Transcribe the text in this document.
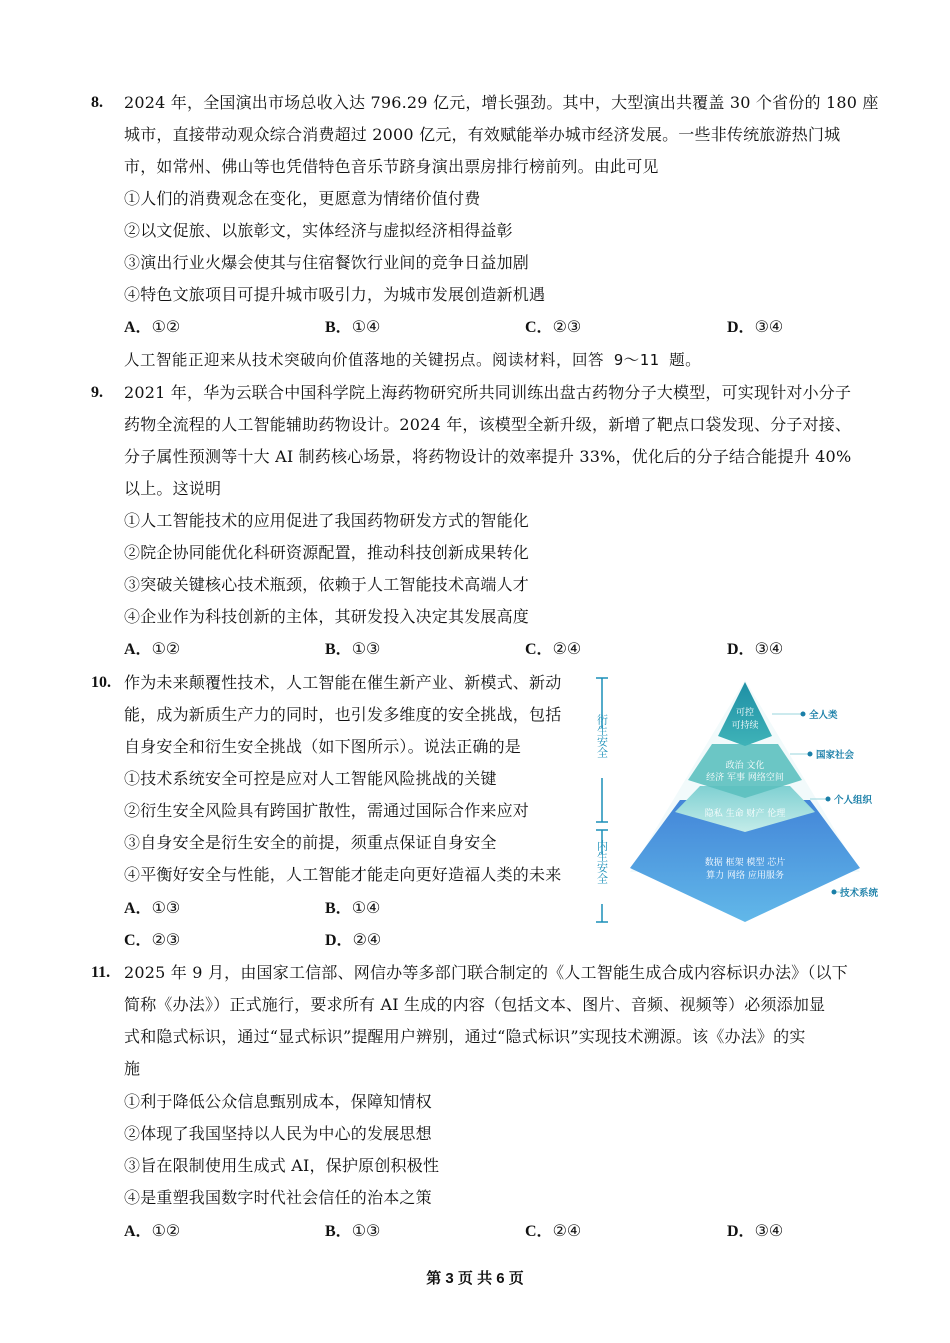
8. 2024 年，全国演出市场总收入达 796.29 亿元，增长强劲。其中，大型演出共覆盖 30 个省份的 180 座
城市，直接带动观众综合消费超过 2000 亿元，有效赋能举办城市经济发展。一些非传统旅游热门城
市，如常州、佛山等也凭借特色音乐节跻身演出票房排行榜前列。由此可见
①人们的消费观念在变化，更愿意为情绪价值付费
②以文促旅、以旅彰文，实体经济与虚拟经济相得益彰
③演出行业火爆会使其与住宿餐饮行业间的竞争日益加剧
④特色文旅项目可提升城市吸引力，为城市发展创造新机遇
A．①②	B．①④	C．②③	D．③④
人工智能正迎来从技术突破向价值落地的关键拐点。阅读材料，回答 9～11 题。
9. 2021 年，华为云联合中国科学院上海药物研究所共同训练出盘古药物分子大模型，可实现针对小分子
药物全流程的人工智能辅助药物设计。2024 年，该模型全新升级，新增了靶点口袋发现、分子对接、
分子属性预测等十大 AI 制药核心场景，将药物设计的效率提升 33%，优化后的分子结合能提升 40%
以上。这说明
①人工智能技术的应用促进了我国药物研发方式的智能化
②院企协同能优化科研资源配置，推动科技创新成果转化
③突破关键核心技术瓶颈，依赖于人工智能技术高端人才
④企业作为科技创新的主体，其研发投入决定其发展高度
A．①②	B．①③	C．②④	D．③④
10. 作为未来颠覆性技术，人工智能在催生新产业、新模式、新动
能，成为新质生产力的同时，也引发多维度的安全挑战，包括
自身安全和衍生安全挑战（如下图所示）。说法正确的是
①技术系统安全可控是应对人工智能风险挑战的关键
②衍生安全风险具有跨国扩散性，需通过国际合作来应对
③自身安全是衍生安全的前提，须重点保证自身安全
④平衡好安全与性能，人工智能才能走向更好造福人类的未来
A．①③	B．①④
C．②③	D．②④
衍生安全
内生安全
可控
可持续
政治 文化
经济 军事 网络空间
隐私 生命 财产 伦理
数据 框架 模型 芯片
算力 网络 应用服务
全人类
国家社会
个人组织
技术系统
11. 2025 年 9 月，由国家工信部、网信办等多部门联合制定的《人工智能生成合成内容标识办法》（以下
简称《办法》）正式施行，要求所有 AI 生成的内容（包括文本、图片、音频、视频等）必须添加显
式和隐式标识，通过“显式标识”提醒用户辨别，通过“隐式标识”实现技术溯源。该《办法》的实
施
①利于降低公众信息甄别成本，保障知情权
②体现了我国坚持以人民为中心的发展思想
③旨在限制使用生成式 AI，保护原创积极性
④是重塑我国数字时代社会信任的治本之策
A．①②	B．①③	C．②④	D．③④
第 3 页 共 6 页
